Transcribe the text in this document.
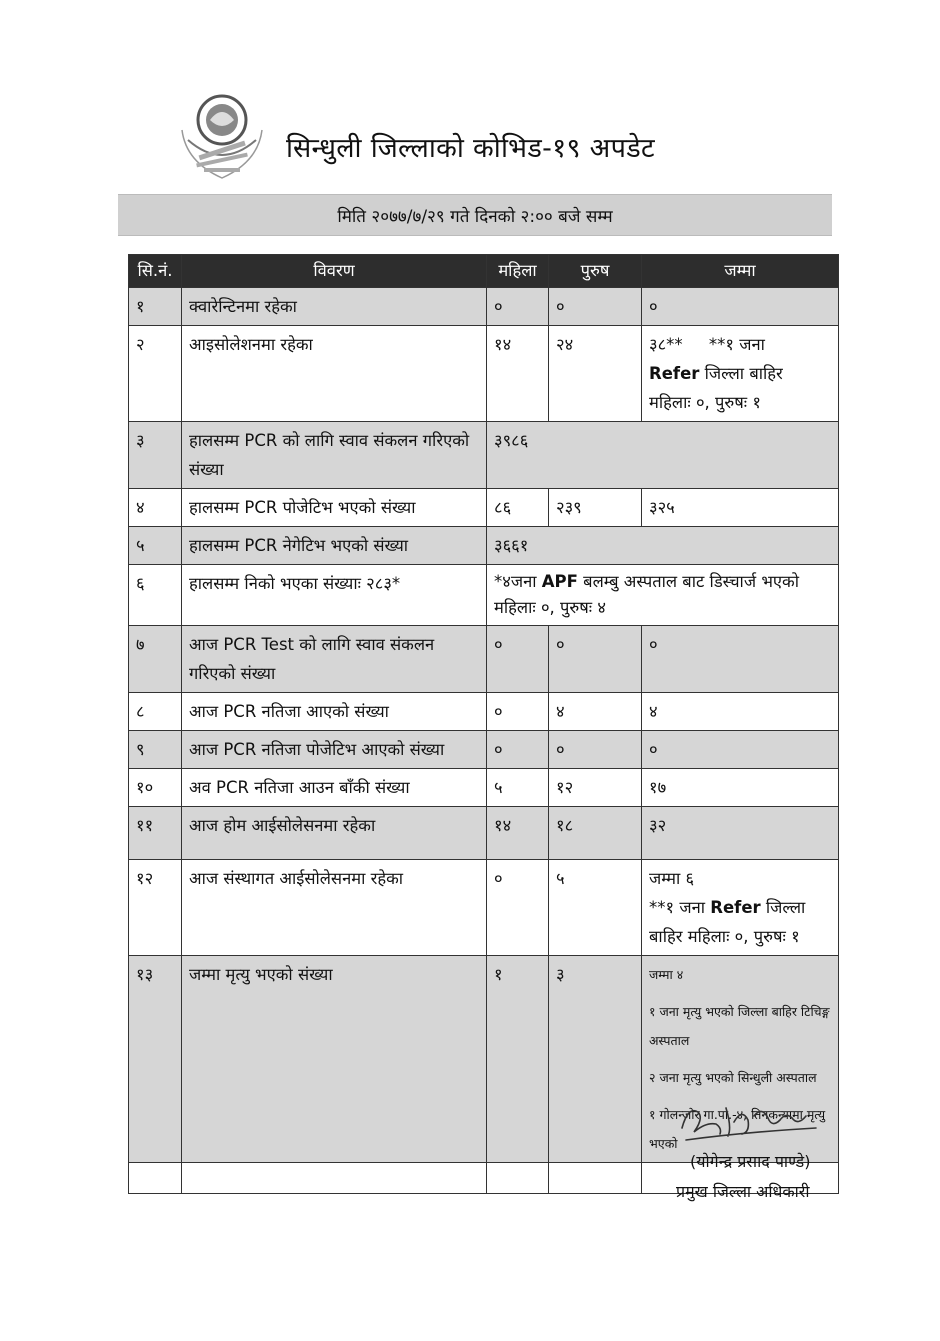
सिन्धुली जिल्लाको कोभिड-१९ अपडेट
मिति २०७७/७/२९ गते दिनको २:०० बजे सम्म
सि.नं.	विवरण	महिला	पुरुष	जम्मा
१	क्वारेन्टिनमा रहेका	०	०	०
२	आइसोलेशनमा रहेका	१४	२४	३८** **१ जना
Refer जिल्ला बाहिर
महिलाः ०, पुरुषः १

३	हालसम्म PCR को लागि स्वाव संकलन गरिएको संख्या	३९८६		
४	हालसम्म PCR पोजेटिभ भएको संख्या	८६	२३९	३२५
५	हालसम्म PCR नेगेटिभ भएको संख्या	३६६१		
६	हालसम्म निको भएका संख्याः २८३*	*४जना APF बलम्बु अस्पताल बाट डिस्चार्ज भएको
महिलाः ०, पुरुषः ४		

७	आज PCR Test को लागि स्वाव संकलन गरिएको संख्या	०	०	०
८	आज PCR नतिजा आएको संख्या	०	४	४
९	आज PCR नतिजा पोजेटिभ आएको संख्या	०	०	०
१०	अव PCR नतिजा आउन बाँकी संख्या	५	१२	१७
११	आज होम आईसोलेसनमा रहेका	१४	१८	३२
१२	आज संस्थागत आईसोलेसनमा रहेका	०	५	जम्मा ६
**१ जना Refer जिल्ला बाहिर महिलाः ०, पुरुषः १

१३	जम्मा मृत्यु भएको संख्या	१	३	जम्मा ४

१ जना मृत्यु भएको जिल्ला बाहिर टिचिङ्ग अस्पताल

२ जना मृत्यु भएको सिन्धुली अस्पताल

१ गोलन्जोर गा.पा.-४, तिनकन्यामा मृत्यु भएको

(योगेन्द्र प्रसाद पाण्डे)
प्रमुख जिल्ला अधिकारी
